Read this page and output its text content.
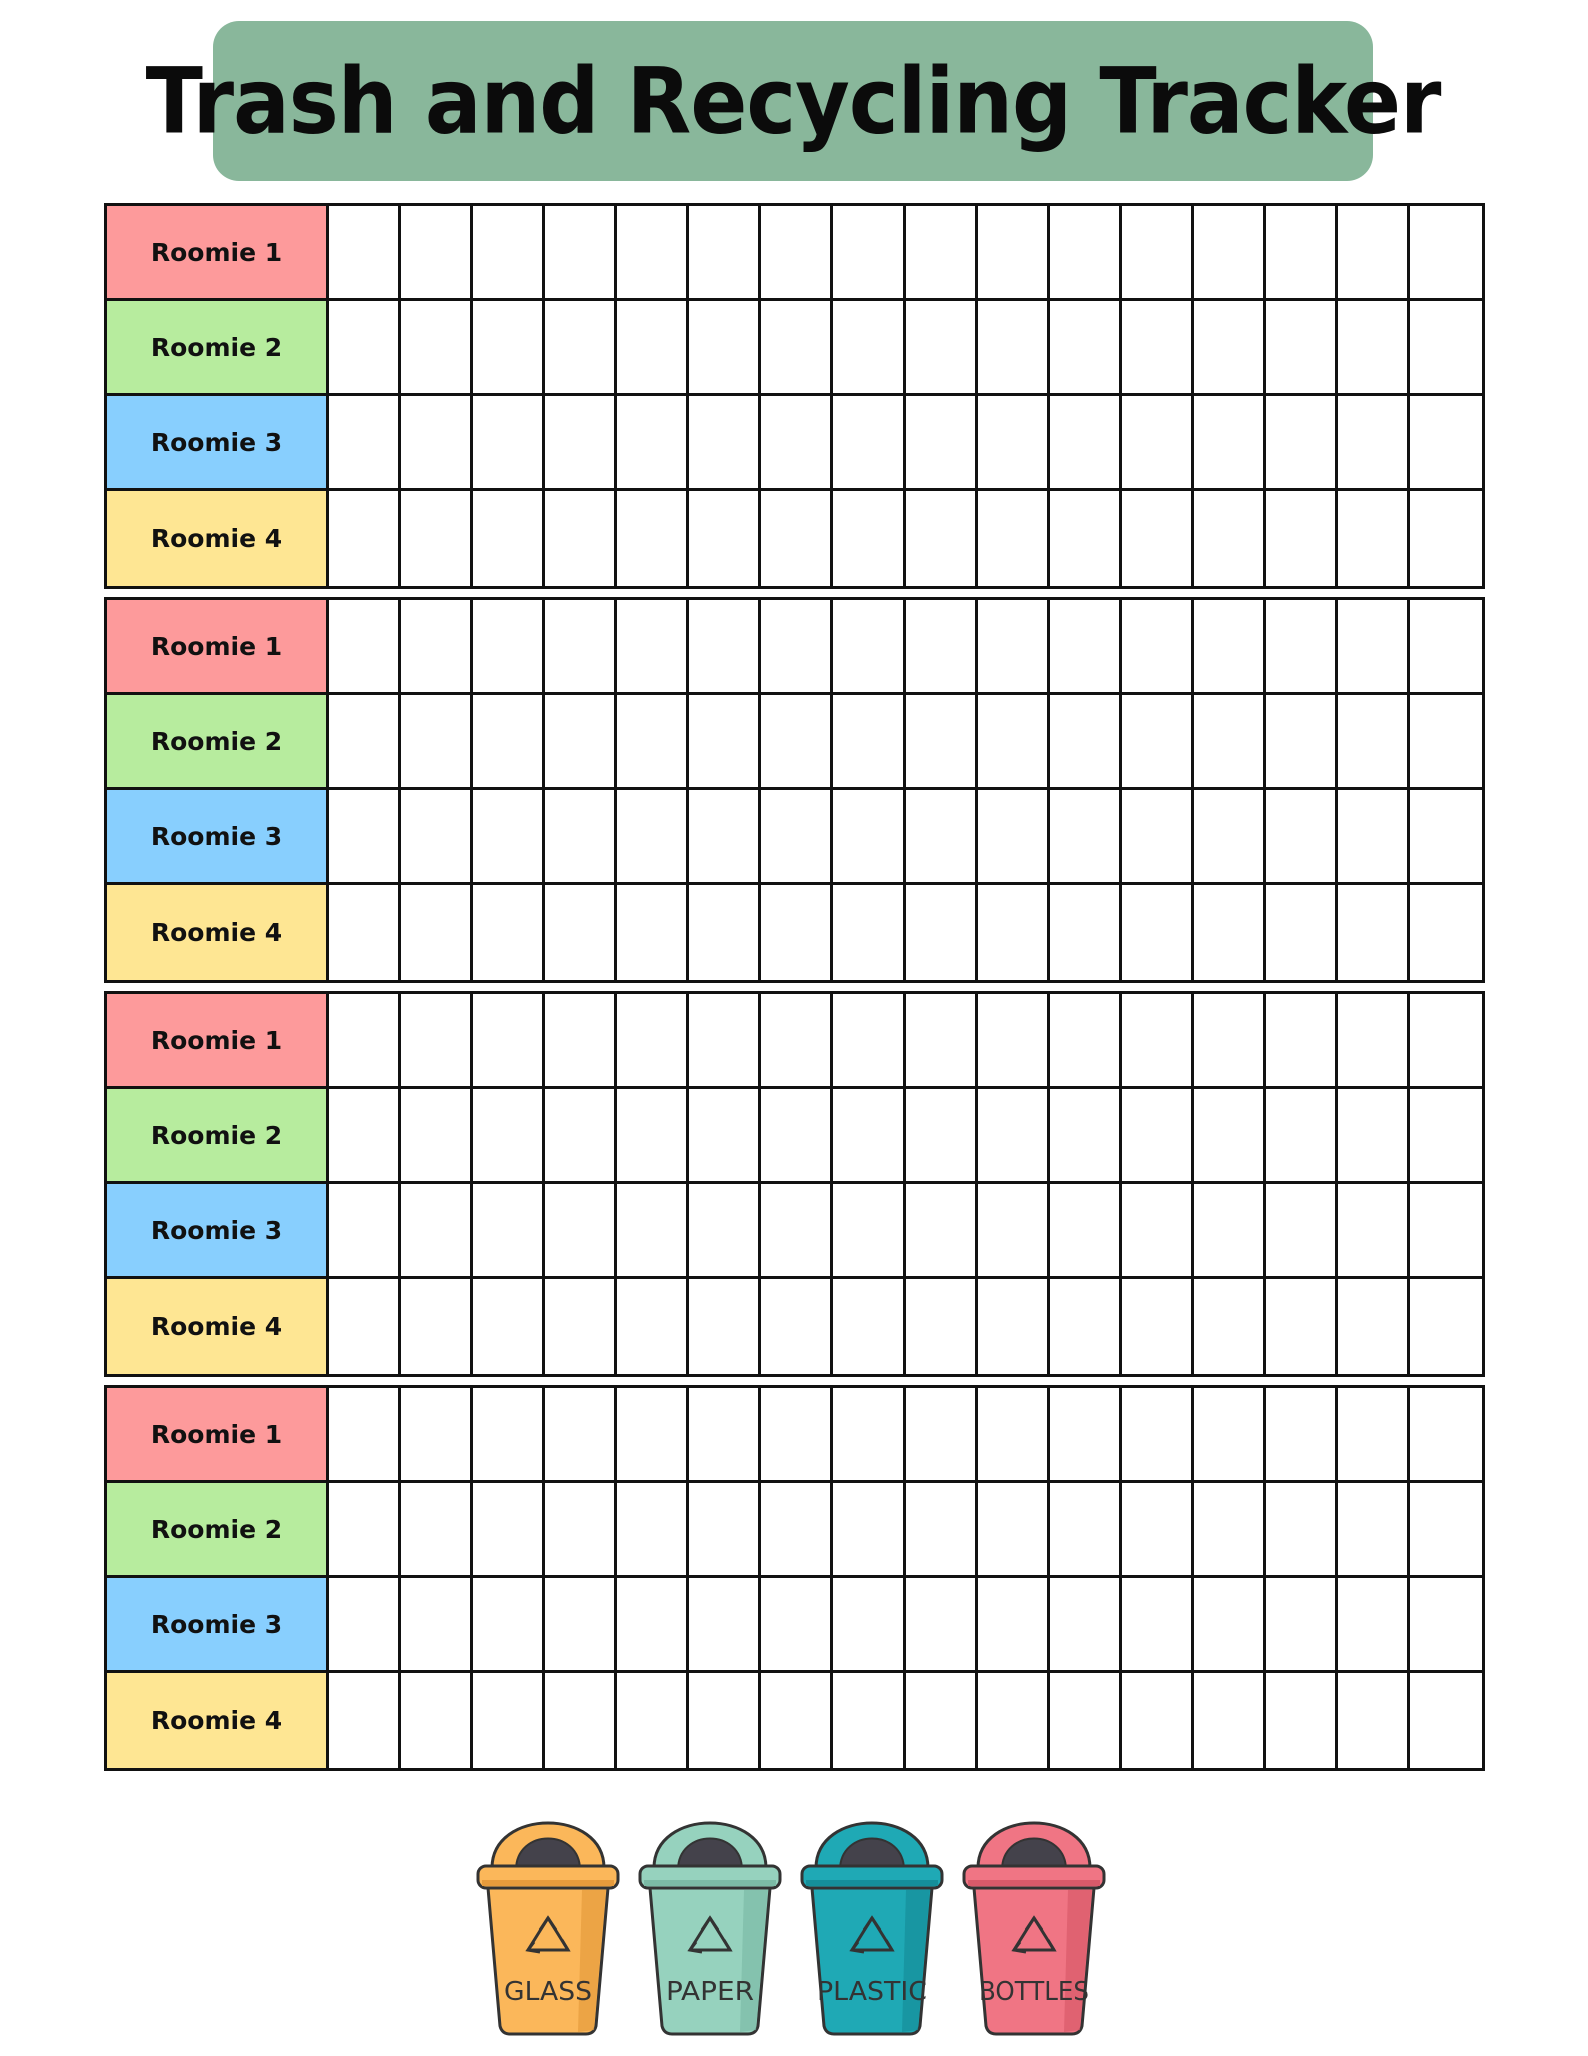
Trash and Recycling Tracker
Roomie 1
Roomie 2
Roomie 3
Roomie 4
Roomie 1
Roomie 2
Roomie 3
Roomie 4
Roomie 1
Roomie 2
Roomie 3
Roomie 4
Roomie 1
Roomie 2
Roomie 3
Roomie 4
GLASS	PAPER PLASTIC BOTTLES
